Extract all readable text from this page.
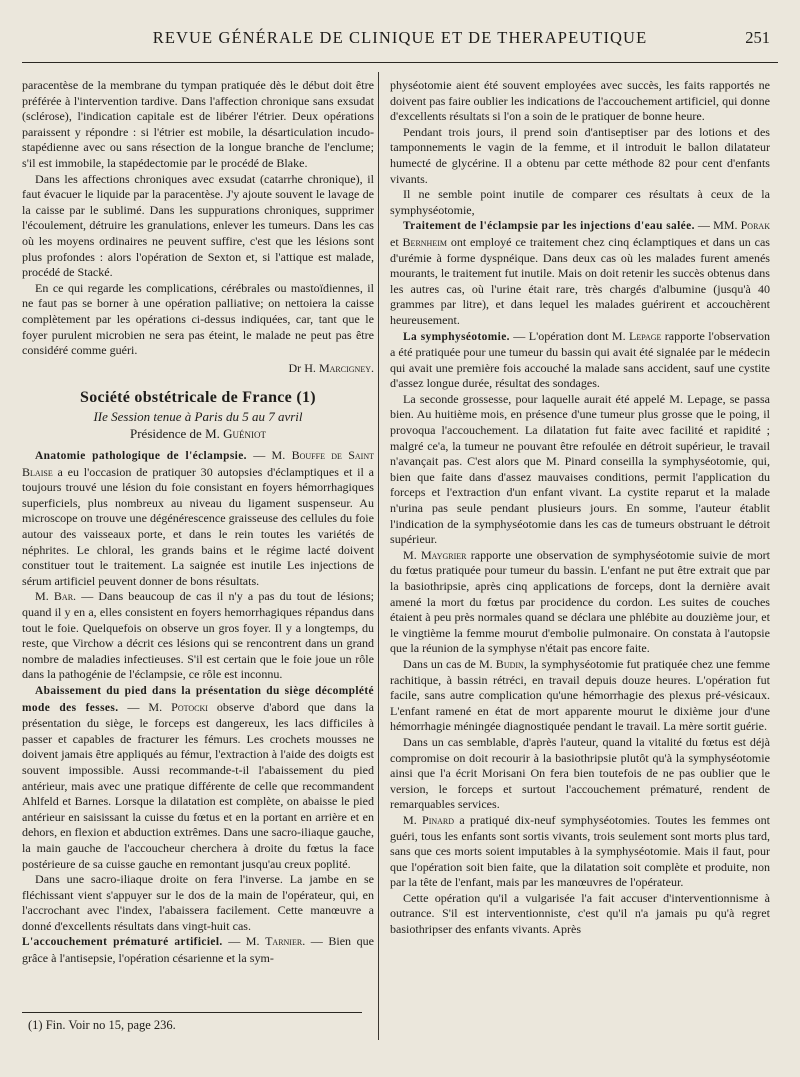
REVUE GÉNÉRALE DE CLINIQUE ET DE THERAPEUTIQUE	251

paracentèse de la membrane du tympan pratiquée dès le début doit être préférée à l'intervention tardive. Dans l'affection chronique sans exsudat (sclérose), l'indication capitale est de libérer l'étrier. Deux opérations paraissent y répondre : si l'étrier est mobile, la désarticulation incudo-stapédienne avec ou sans résection de la longue branche de l'enclume; s'il est immobile, la stapédectomie par le procédé de Blake.

Dans les affections chroniques avec exsudat (catarrhe chronique), il faut évacuer le liquide par la paracentèse. J'y ajoute souvent le lavage de la caisse par le sublimé. Dans les suppurations chroniques, supprimer l'écoulement, détruire les granulations, enlever les tumeurs. Dans les cas où les moyens ordinaires ne peuvent suffire, c'est que les lésions sont plus profondes : alors l'opération de Sexton et, si l'attique est malade, procédé de Stacké.

En ce qui regarde les complications, cérébrales ou mastoïdiennes, il ne faut pas se borner à une opération palliative; on nettoiera la caisse complètement par les opérations ci-dessus indiquées, car, tant que le foyer purulent microbien ne sera pas éteint, le malade ne peut pas être considéré comme guéri.

Dr H. Marcigney.
Société obstétricale de France (1)
IIe Session tenue à Paris du 5 au 7 avril
Présidence de M. Guéniot

Anatomie pathologique de l'éclampsie. — M. Bouffe de Saint Blaise a eu l'occasion de pratiquer 30 autopsies d'éclamptiques et il a toujours trouvé une lésion du foie consistant en foyers hémorrhagiques superficiels, plus nombreux au niveau du ligament suspenseur. Au microscope on trouve une dégénérescence graisseuse des cellules du foie autour des vaisseaux porte, et dans le rein toutes les variétés de néphrites. Le chloral, les grands bains et le régime lacté doivent constituer tout le traitement. La saignée est inutile Les injections de sérum artificiel peuvent donner de bons résultats.

M. Bar. — Dans beaucoup de cas il n'y a pas du tout de lésions; quand il y en a, elles consistent en foyers hemorrhagiques répandus dans tout le foie. Quelquefois on observe un gros foyer. Il y a longtemps, du reste, que Virchow a décrit ces lésions qui se rencontrent dans un grand nombre de maladies infectieuses. S'il est certain que le foie joue un rôle dans la pathogénie de l'éclampsie, ce rôle est inconnu.

Abaissement du pied dans la présentation du siège décomplété mode des fesses. — M. Potocki observe d'abord que dans la présentation du siège, le forceps est dangereux, les lacs difficiles à passer et capables de fracturer les fémurs. Les crochets mousses ne doivent jamais être appliqués au fémur, l'extraction à l'aide des doigts est souvent impossible. Aussi recommande-t-il l'abaissement du pied antérieur, mais avec une pratique différente de celle que recommandent Ahlfeld et Barnes. Lorsque la dilatation est complète, on abaisse le pied antérieur en saisissant la cuisse du fœtus et en la portant en arrière et en dehors, en flexion et abduction extrêmes. Dans une sacro-iliaque gauche, la main gauche de l'accoucheur cherchera à droite du fœtus la face postérieure de sa cuisse gauche en remontant jusqu'au creux poplité.

Dans une sacro-iliaque droite on fera l'inverse. La jambe en se fléchissant vient s'appuyer sur le dos de la main de l'opérateur, qui, en l'accrochant avec l'index, l'abaissera facilement. Cette manœuvre a donné d'excellents résultats dans vingt-huit cas.

L'accouchement prématuré artificiel. — M. Tarnier. — Bien que grâce à l'antisepsie, l'opération césarienne et la sym-

physéotomie aient été souvent employées avec succès, les faits rapportés ne doivent pas faire oublier les indications de l'accouchement artificiel, qui donne d'excellents résultats si l'on a soin de le pratiquer de bonne heure.

Pendant trois jours, il prend soin d'antiseptiser par des lotions et des tamponnements le vagin de la femme, et il introduit le ballon dilatateur humecté de glycérine. Il a obtenu par cette méthode 82 pour cent d'enfants vivants.

Il ne semble point inutile de comparer ces résultats à ceux de la symphyséotomie,

Traitement de l'éclampsie par les injections d'eau salée. — MM. Porak et Bernheim ont employé ce traitement chez cinq éclamptiques et dans un cas d'urémie à forme dyspnéique. Dans deux cas où les malades furent amenés mourants, le traitement fut inutile. Mais on doit retenir les succès obtenus dans les autres cas, où l'urine était rare, très chargés d'albumine (jusqu'à 40 grammes par litre), et dans lequel les malades guérirent et accouchèrent heureusement.

La symphyséotomie. — L'opération dont M. Lepage rapporte l'observation a été pratiquée pour une tumeur du bassin qui avait été signalée par le médecin qui avait une première fois accouché la malade sans accident, sauf une cystite d'assez longue durée, résultat des sondages.

La seconde grossesse, pour laquelle aurait été appelé M. Lepage, se passa bien. Au huitième mois, en présence d'une tumeur plus grosse que le poing, il provoqua l'accouchement. La dilatation fut faite avec facilité et rapidité ; malgré ce'a, la tumeur ne pouvant être refoulée en détroit supérieur, le travail n'avançait pas. C'est alors que M. Pinard conseilla la symphyséotomie, qui, bien que faite dans d'assez mauvaises conditions, permit l'application du forceps et l'extraction d'un enfant vivant. La cystite reparut et la malade n'urina pas seule pendant plusieurs jours. En somme, l'auteur établit l'indication de la symphyséotomie dans les cas de tumeurs obstruant le détroit supérieur.

M. Maygrier rapporte une observation de symphyséotomie suivie de mort du fœtus pratiquée pour tumeur du bassin. L'enfant ne put être extrait que par la basiothripsie, après cinq applications de forceps, dont la dernière avait amené la mort du fœtus par procidence du cordon. Les suites de couches étaient à peu près normales quand se déclara une phlébite au douzième jour, et le vingtième la femme mourut d'embolie pulmonaire. On constata à l'autopsie que la réunion de la symphyse n'était pas encore faite.

Dans un cas de M. Budin, la symphyséotomie fut pratiquée chez une femme rachitique, à bassin rétréci, en travail depuis douze heures. L'opération fut facile, sans autre complication qu'une hémorrhagie des plexus pré-vésicaux. L'enfant ramené en état de mort apparente mourut le dixième jour d'une hémorrhagie méningée diagnostiquée pendant le travail. La mère sortit guérie.

Dans un cas semblable, d'après l'auteur, quand la vitalité du fœtus est déjà compromise on doit recourir à la basiothripsie plutôt qu'à la symphyséotomie ainsi que l'a écrit Morisani On fera bien toutefois de ne pas oublier que le version, le forceps et surtout l'accouchement prématuré, rendent de remarquables services.

M. Pinard a pratiqué dix-neuf symphyséotomies. Toutes les femmes ont guéri, tous les enfants sont sortis vivants, trois seulement sont morts plus tard, sans que ces morts soient imputables à la symphyséotomie. Mais il faut, pour que l'opération soit bien faite, que la dilatation soit complète et produite, non par la tête de l'enfant, mais par les manœuvres de l'opérateur.

Cette opération qu'il a vulgarisée l'a fait accuser d'interventionnisme à outrance. S'il est interventionniste, c'est qu'il n'a jamais pu qu'à regret basiothripser des enfants vivants. Après

(1) Fin. Voir no 15, page 236.
